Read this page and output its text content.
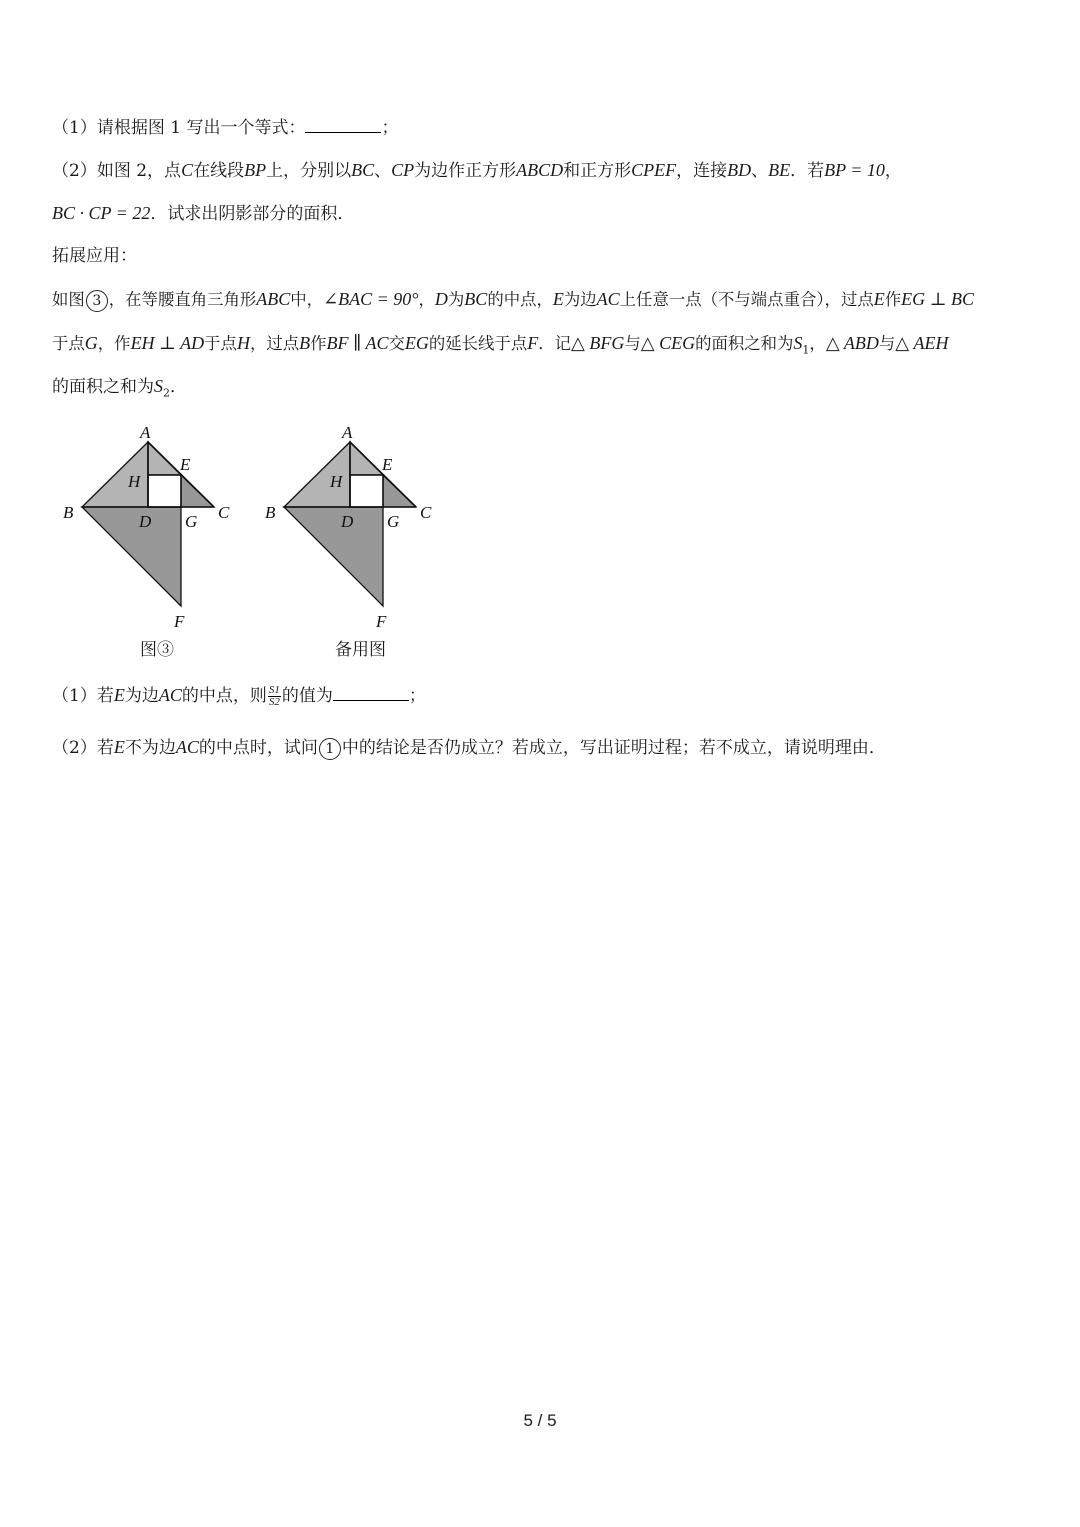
（1）请根据图 1 写出一个等式：	；
（2）如图 2，点C在线段BP上，分别以BC、CP为边作正方形ABCD和正方形CPEF，连接BD、BE．若BP = 10，
BC · CP = 22．试求出阴影部分的面积．
拓展应用：
如图 3 ，在等腰直角三角形ABC中，∠BAC = 90°，D为BC的中点，E为边AC上任意一点（不与端点重合），过点E作EG ⊥ BC
于点G，作EH ⊥ AD于点H，过点B作BF ∥ AC交EG的延长线于点F．记△ BFG与△ CEG的面积之和为$S_1$，△ ABD与△ AEH
的面积之和为$S_2$．
A
E
H
B	D G C
F
图③
A
E
H
B	D G C
F
备用图
（1）若E为边AC的中点，则 $\frac{S1}{S2}$ 的值为	；
（2）若E不为边AC的中点时，试问 1 中的结论是否仍成立？若成立，写出证明过程；若不成立，请说明理由．
5 / 5
